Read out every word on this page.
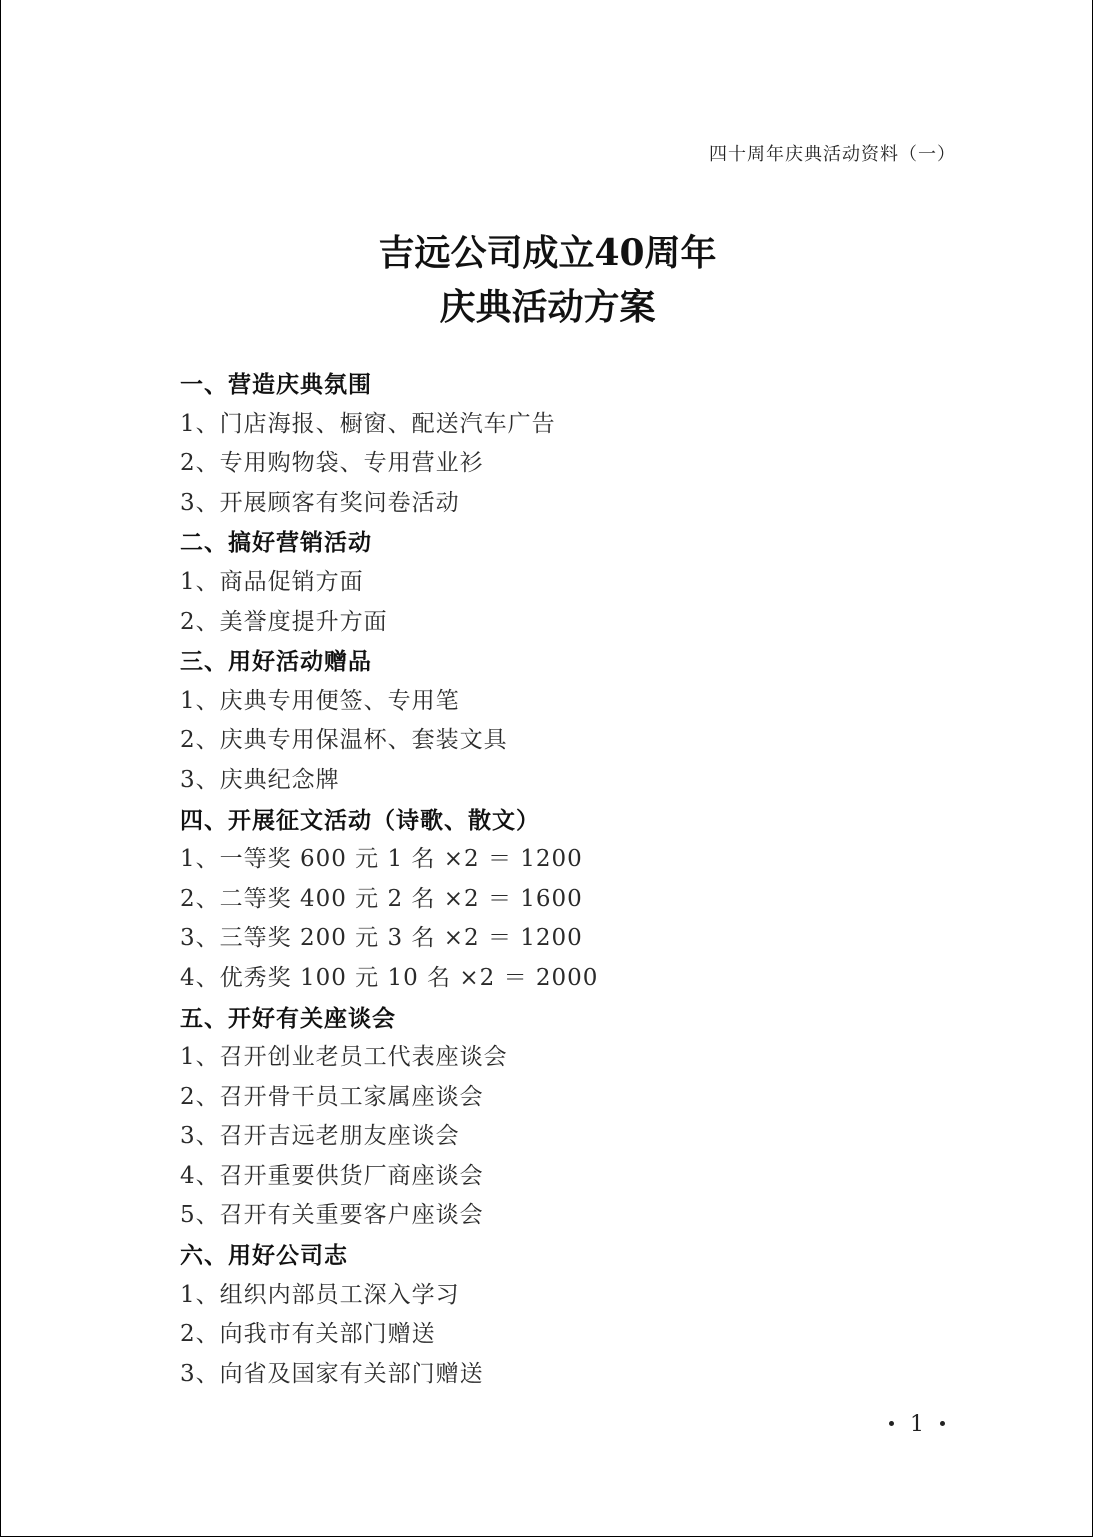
四十周年庆典活动资料（一）
吉远公司成立40周年
庆典活动方案
一、营造庆典氛围
1、门店海报、橱窗、配送汽车广告
2、专用购物袋、专用营业衫
3、开展顾客有奖问卷活动
二、搞好营销活动
1、商品促销方面
2、美誉度提升方面
三、用好活动赠品
1、庆典专用便签、专用笔
2、庆典专用保温杯、套装文具
3、庆典纪念牌
四、开展征文活动（诗歌、散文）
1、一等奖 600 元 1 名 ×2 ＝ 1200
2、二等奖 400 元 2 名 ×2 ＝ 1600
3、三等奖 200 元 3 名 ×2 ＝ 1200
4、优秀奖 100 元 10 名 ×2 ＝ 2000
五、开好有关座谈会
1、召开创业老员工代表座谈会
2、召开骨干员工家属座谈会
3、召开吉远老朋友座谈会
4、召开重要供货厂商座谈会
5、召开有关重要客户座谈会
六、用好公司志
1、组织内部员工深入学习
2、向我市有关部门赠送
3、向省及国家有关部门赠送
1
